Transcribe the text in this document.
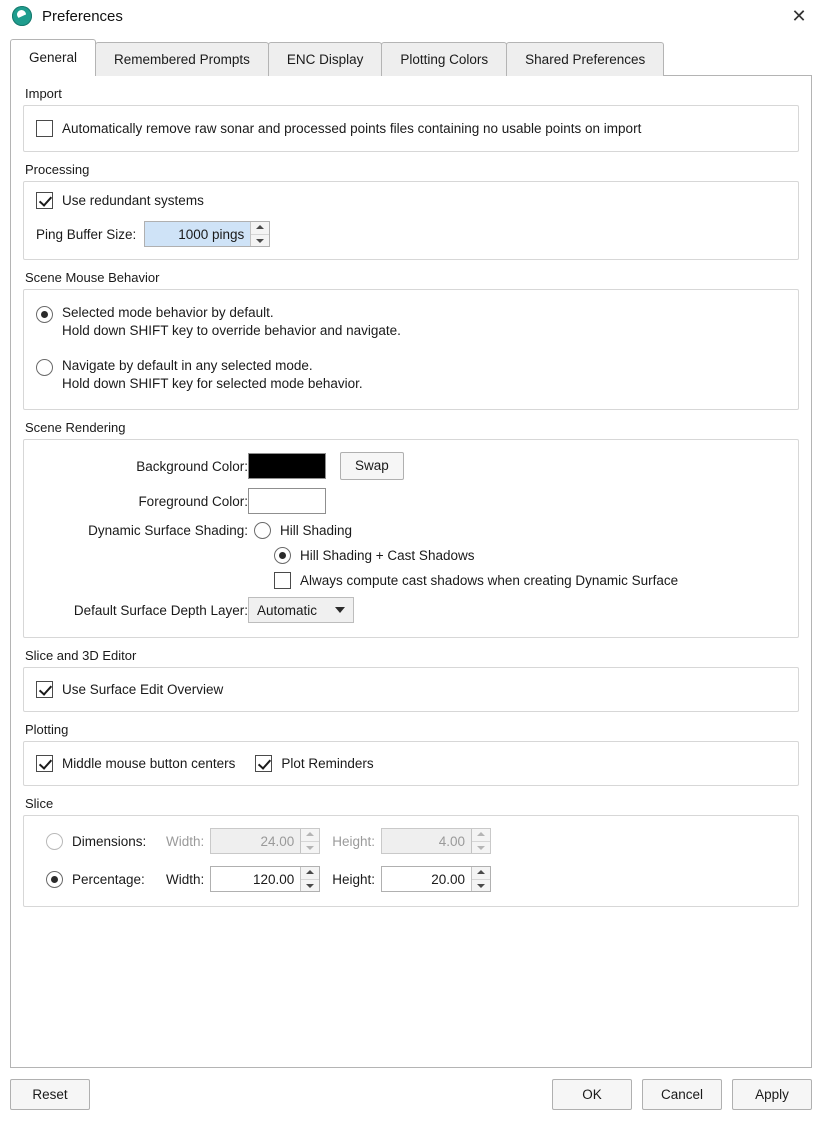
Preferences	✕
General	Remembered Prompts	ENC Display	Plotting Colors	Shared Preferences
Import
Automatically remove raw sonar and processed points files containing no usable points on import
Processing
Use redundant systems
Ping Buffer Size:	1000 pings
Scene Mouse Behavior
Selected mode behavior by default.
Hold down SHIFT key to override behavior and navigate.
Navigate by default in any selected mode.
Hold down SHIFT key for selected mode behavior.
Scene Rendering
Background Color:	Swap
Foreground Color:
Dynamic Surface Shading: Hill Shading
Hill Shading + Cast Shadows
Always compute cast shadows when creating Dynamic Surface
Default Surface Depth Layer: Automatic
Slice and 3D Editor
Use Surface Edit Overview
Plotting
Middle mouse button centers	Plot Reminders
Slice
Dimensions:	Width:	24.00	Height:	4.00
Percentage:	Width:	120.00	Height:	20.00
Reset	OK	Cancel	Apply
